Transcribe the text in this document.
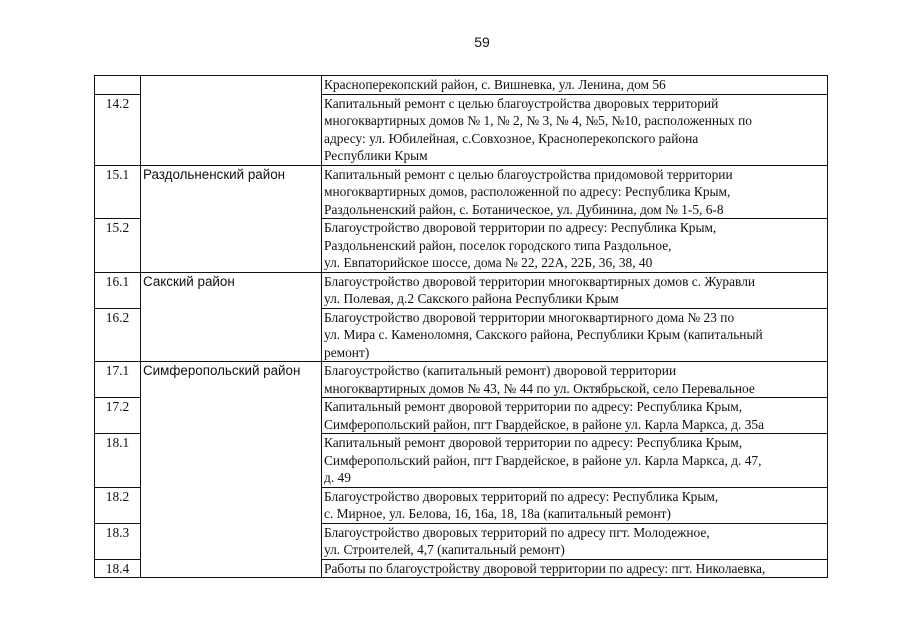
59

		Красноперекопский район, с. Вишневка, ул. Ленина, дом 56

14.2		Капитальный ремонт с целью благоустройства дворовых территорий
многоквартирных домов № 1, № 2, № 3, № 4, №5, №10, расположенных по
адресу: ул. Юбилейная, с.Совхозное, Красноперекопского района
Республики Крым

15.1	Раздольненский район	Капитальный ремонт с целью благоустройства придомовой территории
многоквартирных домов, расположенной по адресу: Республика Крым,
Раздольненский район, с. Ботаническое, ул. Дубинина, дом № 1-5, 6-8

15.2		Благоустройство дворовой территории по адресу: Республика Крым,
Раздольненский район, поселок городского типа Раздольное,
ул. Евпаторийское шоссе, дома № 22, 22А, 22Б, 36, 38, 40

16.1	Сакский район	Благоустройство дворовой территории многоквартирных домов с. Журавли
ул. Полевая, д.2 Сакского района Республики Крым

16.2		Благоустройство дворовой территории многоквартирного дома № 23 по
ул. Мира с. Каменоломня, Сакского района, Республики Крым (капитальный
ремонт)

17.1	Симферопольский район	Благоустройство (капитальный ремонт) дворовой территории
многоквартирных домов № 43, № 44 по ул. Октябрьской, село Перевальное

17.2		Капитальный ремонт дворовой территории по адресу: Республика Крым,
Симферопольский район, пгт Гвардейское, в районе ул. Карла Маркса, д. 35а

18.1		Капитальный ремонт дворовой территории по адресу: Республика Крым,
Симферопольский район, пгт Гвардейское, в районе ул. Карла Маркса, д. 47,
д. 49

18.2		Благоустройство дворовых территорий по адресу: Республика Крым,
с. Мирное, ул. Белова, 16, 16а, 18, 18а (капитальный ремонт)

18.3		Благоустройство дворовых территорий по адресу пгт. Молодежное,
ул. Строителей, 4,7 (капитальный ремонт)

18.4		Работы по благоустройству дворовой территории по адресу: пгт. Николаевка,
